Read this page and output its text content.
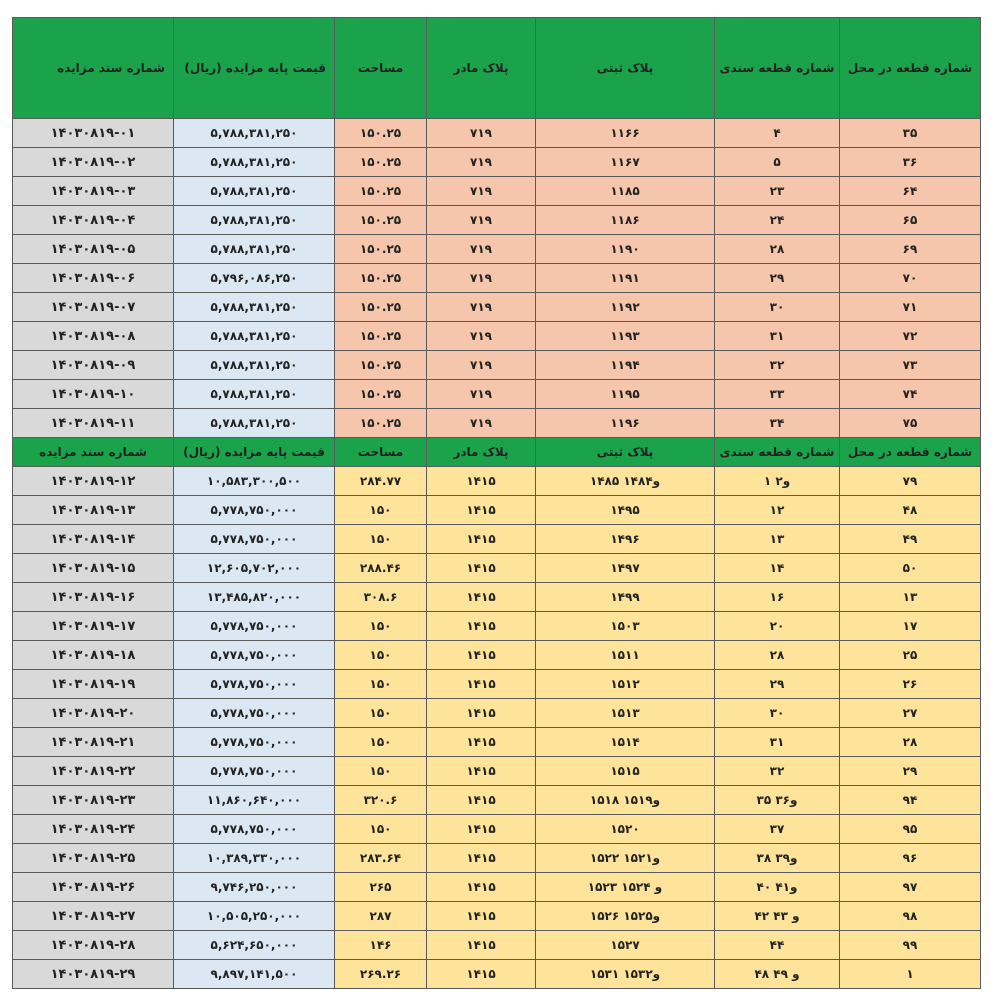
شماره سند مزایده	قیمت پایه مزایده (ریال)	مساحت	پلاک مادر	پلاک ثبتی	شماره قطعه سندی	شماره قطعه در محل
۱۴۰۳۰۸۱۹-۰۱	۵,۷۸۸,۳۸۱,۲۵۰	۱۵۰.۲۵	۷۱۹	۱۱۶۶	۴	۳۵
۱۴۰۳۰۸۱۹-۰۲	۵,۷۸۸,۳۸۱,۲۵۰	۱۵۰.۲۵	۷۱۹	۱۱۶۷	۵	۳۶
۱۴۰۳۰۸۱۹-۰۳	۵,۷۸۸,۳۸۱,۲۵۰	۱۵۰.۲۵	۷۱۹	۱۱۸۵	۲۳	۶۴
۱۴۰۳۰۸۱۹-۰۴	۵,۷۸۸,۳۸۱,۲۵۰	۱۵۰.۲۵	۷۱۹	۱۱۸۶	۲۴	۶۵
۱۴۰۳۰۸۱۹-۰۵	۵,۷۸۸,۳۸۱,۲۵۰	۱۵۰.۲۵	۷۱۹	۱۱۹۰	۲۸	۶۹
۱۴۰۳۰۸۱۹-۰۶	۵,۷۹۶,۰۸۶,۲۵۰	۱۵۰.۲۵	۷۱۹	۱۱۹۱	۲۹	۷۰
۱۴۰۳۰۸۱۹-۰۷	۵,۷۸۸,۳۸۱,۲۵۰	۱۵۰.۲۵	۷۱۹	۱۱۹۲	۳۰	۷۱
۱۴۰۳۰۸۱۹-۰۸	۵,۷۸۸,۳۸۱,۲۵۰	۱۵۰.۲۵	۷۱۹	۱۱۹۳	۳۱	۷۲
۱۴۰۳۰۸۱۹-۰۹	۵,۷۸۸,۳۸۱,۲۵۰	۱۵۰.۲۵	۷۱۹	۱۱۹۴	۳۲	۷۳
۱۴۰۳۰۸۱۹-۱۰	۵,۷۸۸,۳۸۱,۲۵۰	۱۵۰.۲۵	۷۱۹	۱۱۹۵	۳۳	۷۴
۱۴۰۳۰۸۱۹-۱۱	۵,۷۸۸,۳۸۱,۲۵۰	۱۵۰.۲۵	۷۱۹	۱۱۹۶	۳۴	۷۵
شماره سند مزایده	قیمت پایه مزایده (ریال)	مساحت	پلاک مادر	پلاک ثبتی	شماره قطعه سندی	شماره قطعه در محل
۱۴۰۳۰۸۱۹-۱۲	۱۰,۵۸۳,۳۰۰,۵۰۰	۲۸۴.۷۷	۱۴۱۵	۱۴۸۵ و۱۴۸۴	۱ و۲	۷۹
۱۴۰۳۰۸۱۹-۱۳	۵,۷۷۸,۷۵۰,۰۰۰	۱۵۰	۱۴۱۵	۱۴۹۵	۱۲	۴۸
۱۴۰۳۰۸۱۹-۱۴	۵,۷۷۸,۷۵۰,۰۰۰	۱۵۰	۱۴۱۵	۱۴۹۶	۱۳	۴۹
۱۴۰۳۰۸۱۹-۱۵	۱۲,۶۰۵,۷۰۲,۰۰۰	۲۸۸.۴۶	۱۴۱۵	۱۴۹۷	۱۴	۵۰
۱۴۰۳۰۸۱۹-۱۶	۱۳,۴۸۵,۸۲۰,۰۰۰	۳۰۸.۶	۱۴۱۵	۱۴۹۹	۱۶	۱۳
۱۴۰۳۰۸۱۹-۱۷	۵,۷۷۸,۷۵۰,۰۰۰	۱۵۰	۱۴۱۵	۱۵۰۳	۲۰	۱۷
۱۴۰۳۰۸۱۹-۱۸	۵,۷۷۸,۷۵۰,۰۰۰	۱۵۰	۱۴۱۵	۱۵۱۱	۲۸	۲۵
۱۴۰۳۰۸۱۹-۱۹	۵,۷۷۸,۷۵۰,۰۰۰	۱۵۰	۱۴۱۵	۱۵۱۲	۲۹	۲۶
۱۴۰۳۰۸۱۹-۲۰	۵,۷۷۸,۷۵۰,۰۰۰	۱۵۰	۱۴۱۵	۱۵۱۳	۳۰	۲۷
۱۴۰۳۰۸۱۹-۲۱	۵,۷۷۸,۷۵۰,۰۰۰	۱۵۰	۱۴۱۵	۱۵۱۴	۳۱	۲۸
۱۴۰۳۰۸۱۹-۲۲	۵,۷۷۸,۷۵۰,۰۰۰	۱۵۰	۱۴۱۵	۱۵۱۵	۳۲	۲۹
۱۴۰۳۰۸۱۹-۲۳	۱۱,۸۶۰,۶۴۰,۰۰۰	۳۲۰.۶	۱۴۱۵	۱۵۱۸ و۱۵۱۹	۳۵ و۳۶	۹۴
۱۴۰۳۰۸۱۹-۲۴	۵,۷۷۸,۷۵۰,۰۰۰	۱۵۰	۱۴۱۵	۱۵۲۰	۳۷	۹۵
۱۴۰۳۰۸۱۹-۲۵	۱۰,۳۸۹,۳۳۰,۰۰۰	۲۸۳.۶۴	۱۴۱۵	۱۵۲۲ و۱۵۲۱	۳۸ و۳۹	۹۶
۱۴۰۳۰۸۱۹-۲۶	۹,۷۴۶,۲۵۰,۰۰۰	۲۶۵	۱۴۱۵	۱۵۲۳ و ۱۵۲۴	۴۰ و۴۱	۹۷
۱۴۰۳۰۸۱۹-۲۷	۱۰,۵۰۵,۲۵۰,۰۰۰	۲۸۷	۱۴۱۵	۱۵۲۶ و۱۵۲۵	۴۲ و ۴۳	۹۸
۱۴۰۳۰۸۱۹-۲۸	۵,۶۲۴,۶۵۰,۰۰۰	۱۴۶	۱۴۱۵	۱۵۲۷	۴۴	۹۹
۱۴۰۳۰۸۱۹-۲۹	۹,۸۹۷,۱۴۱,۵۰۰	۲۶۹.۲۶	۱۴۱۵	۱۵۳۱ و۱۵۳۲	۴۸ و ۴۹	۱
